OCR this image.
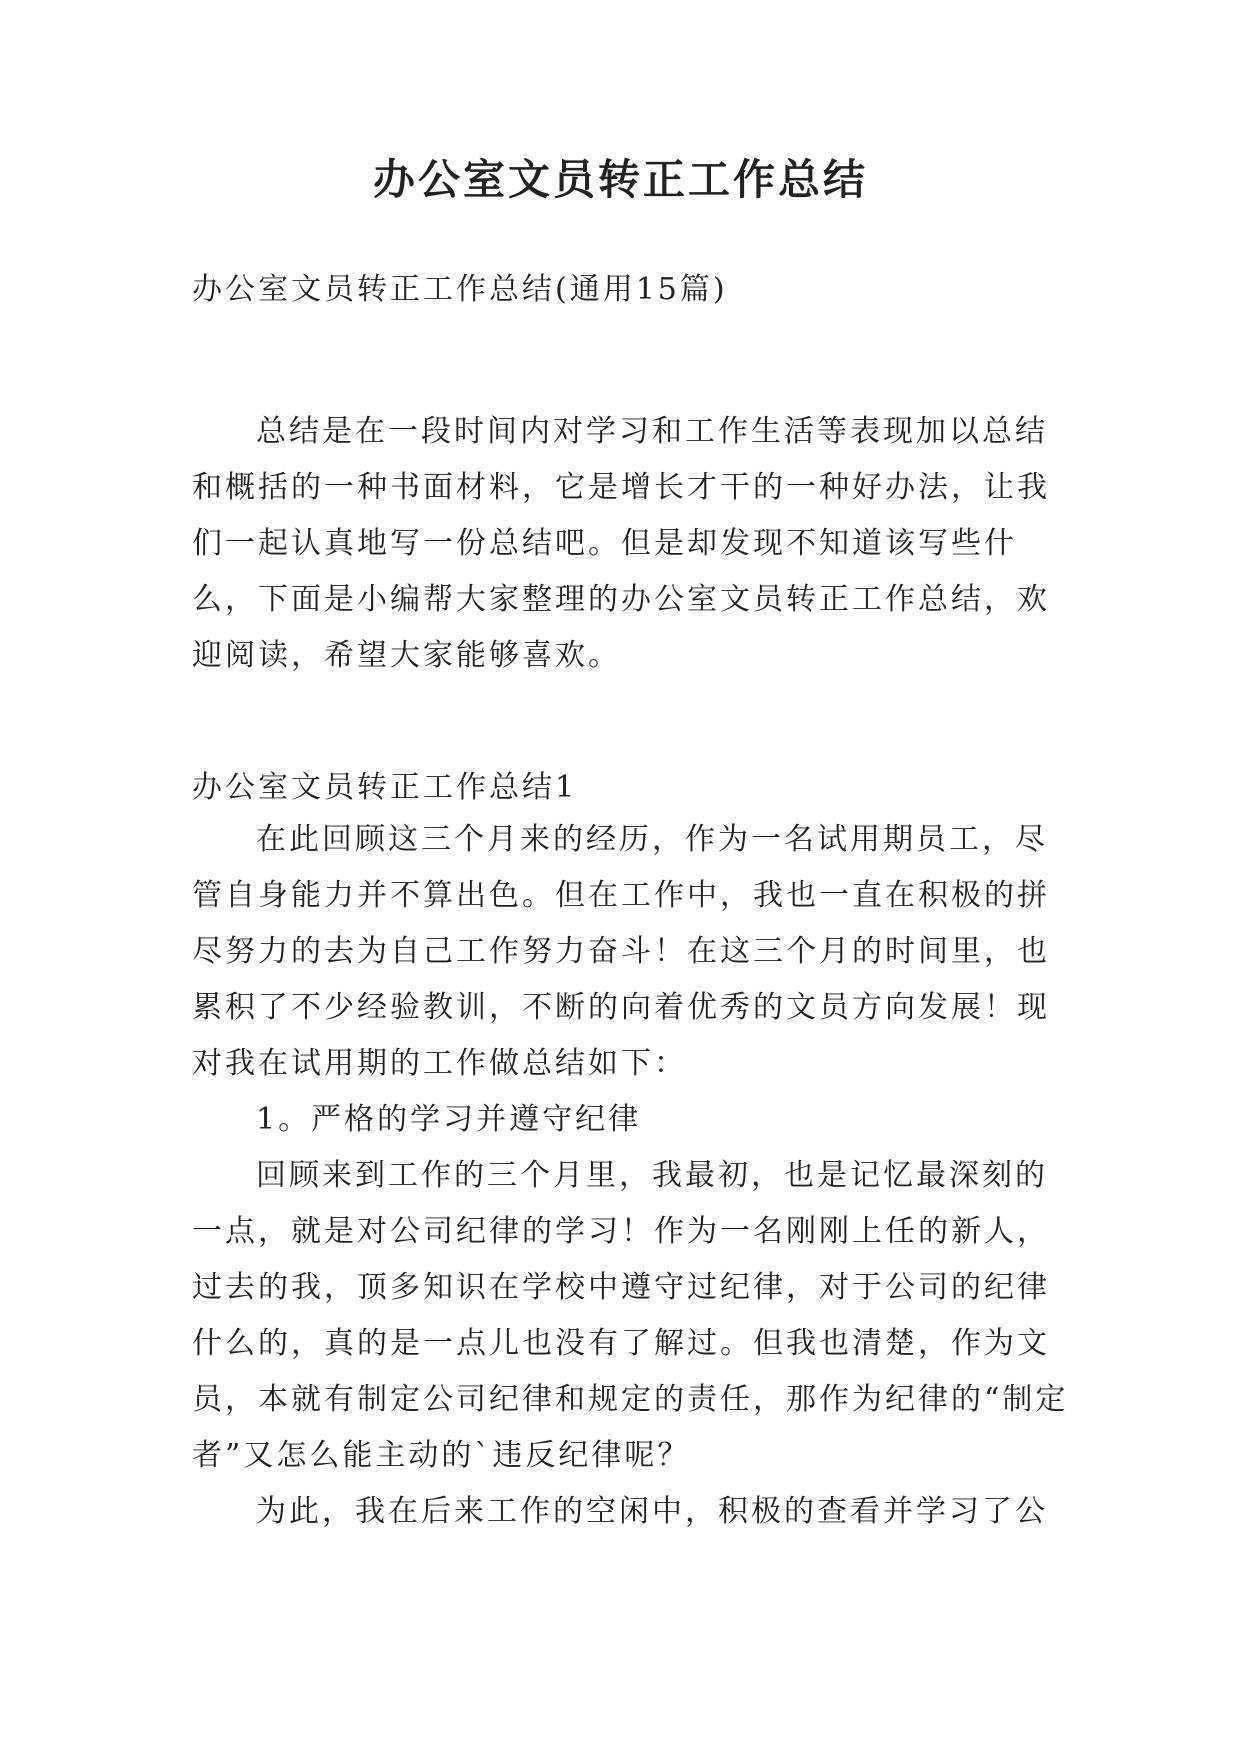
办公室文员转正工作总结

办公室文员转正工作总结(通用15篇)

总结是在一段时间内对学习和工作生活等表现加以总结和概括的一种书面材料，它是增长才干的一种好办法，让我们一起认真地写一份总结吧。但是却发现不知道该写些什么，下面是小编帮大家整理的办公室文员转正工作总结，欢迎阅读，希望大家能够喜欢。

办公室文员转正工作总结1

在此回顾这三个月来的经历，作为一名试用期员工，尽管自身能力并不算出色。但在工作中，我也一直在积极的拼尽努力的去为自己工作努力奋斗！在这三个月的时间里，也累积了不少经验教训，不断的向着优秀的文员方向发展！现对我在试用期的工作做总结如下：

1。严格的学习并遵守纪律

回顾来到工作的三个月里，我最初，也是记忆最深刻的一点，就是对公司纪律的学习！作为一名刚刚上任的新人，过去的我，顶多知识在学校中遵守过纪律，对于公司的纪律什么的，真的是一点儿也没有了解过。但我也清楚，作为文员，本就有制定公司纪律和规定的责任，那作为纪律的“制定者”又怎么能主动的`违反纪律呢？

为此，我在后来工作的空闲中，积极的查看并学习了公
